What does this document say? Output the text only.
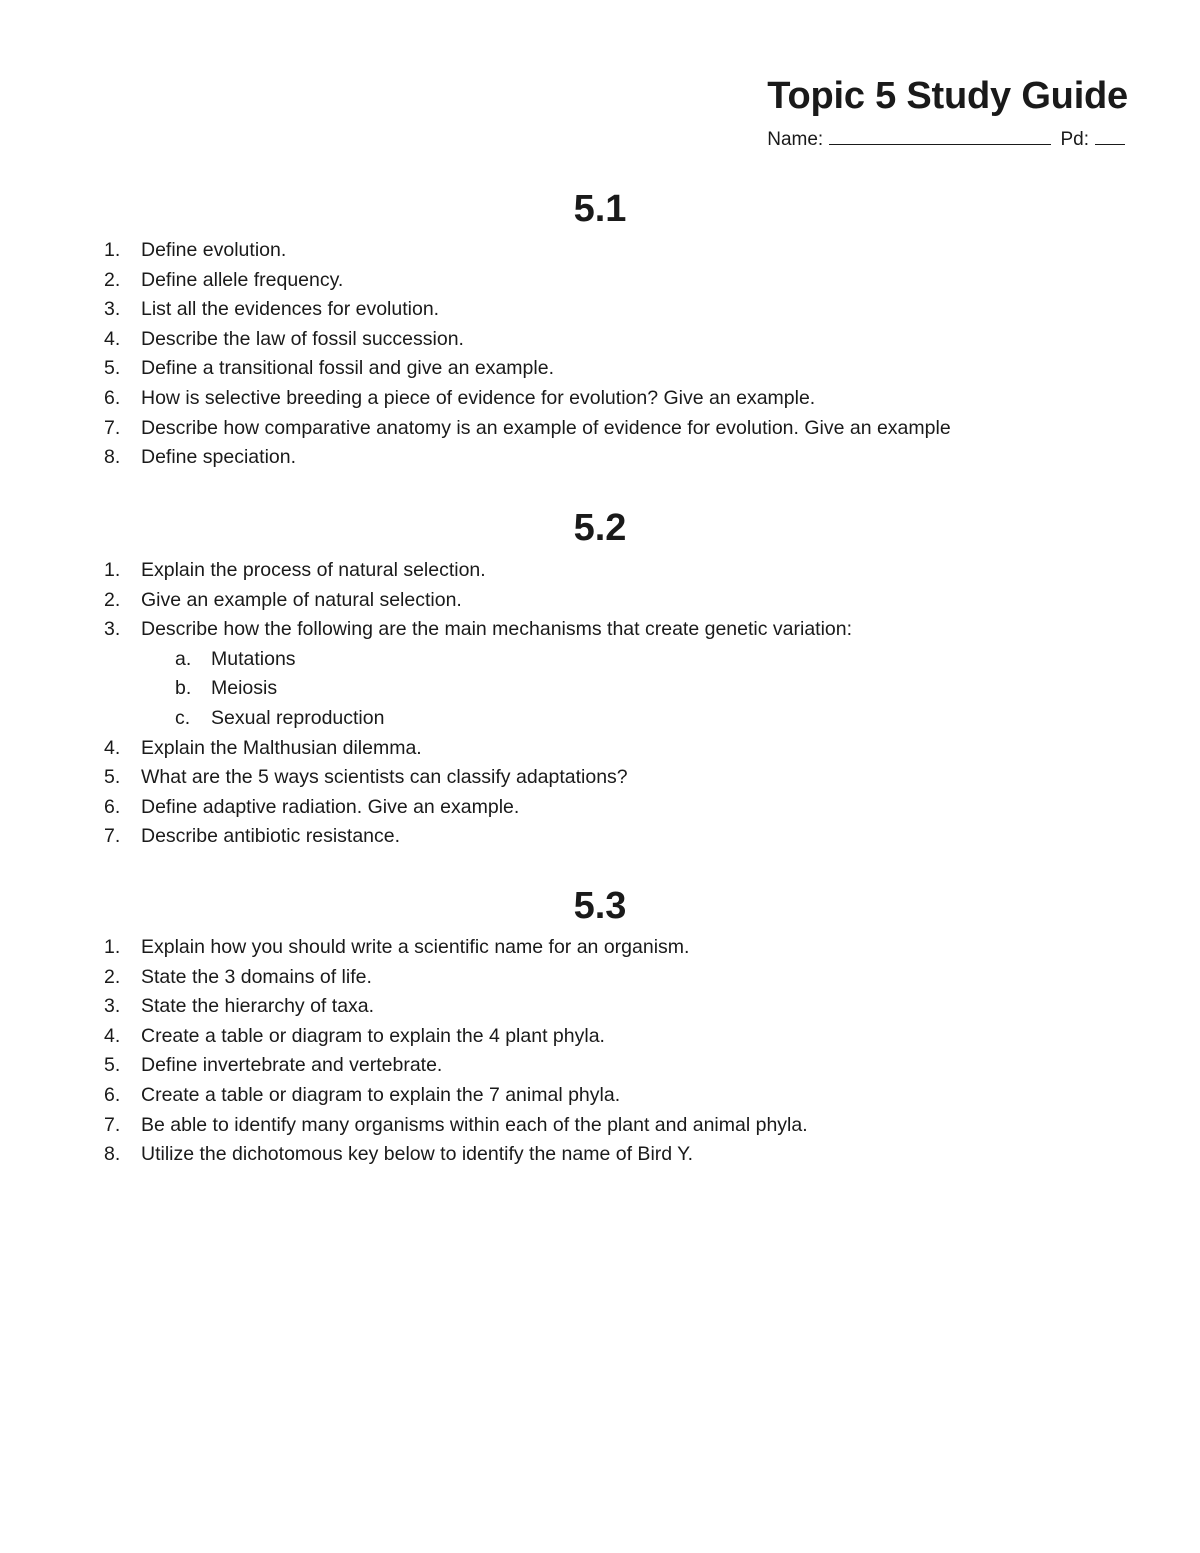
Topic 5 Study Guide
Name:	Pd:
5.1
1. Define evolution.
2. Define allele frequency.
3. List all the evidences for evolution.
4. Describe the law of fossil succession.
5. Define a transitional fossil and give an example.
6. How is selective breeding a piece of evidence for evolution? Give an example.
7. Describe how comparative anatomy is an example of evidence for evolution. Give an example
8. Define speciation.
5.2
1. Explain the process of natural selection.
2. Give an example of natural selection.
3. Describe how the following are the main mechanisms that create genetic variation:
a. Mutations
b. Meiosis
c. Sexual reproduction
4. Explain the Malthusian dilemma.
5. What are the 5 ways scientists can classify adaptations?
6. Define adaptive radiation. Give an example.
7. Describe antibiotic resistance.
5.3
1. Explain how you should write a scientific name for an organism.
2. State the 3 domains of life.
3. State the hierarchy of taxa.
4. Create a table or diagram to explain the 4 plant phyla.
5. Define invertebrate and vertebrate.
6. Create a table or diagram to explain the 7 animal phyla.
7. Be able to identify many organisms within each of the plant and animal phyla.
8. Utilize the dichotomous key below to identify the name of Bird Y.
